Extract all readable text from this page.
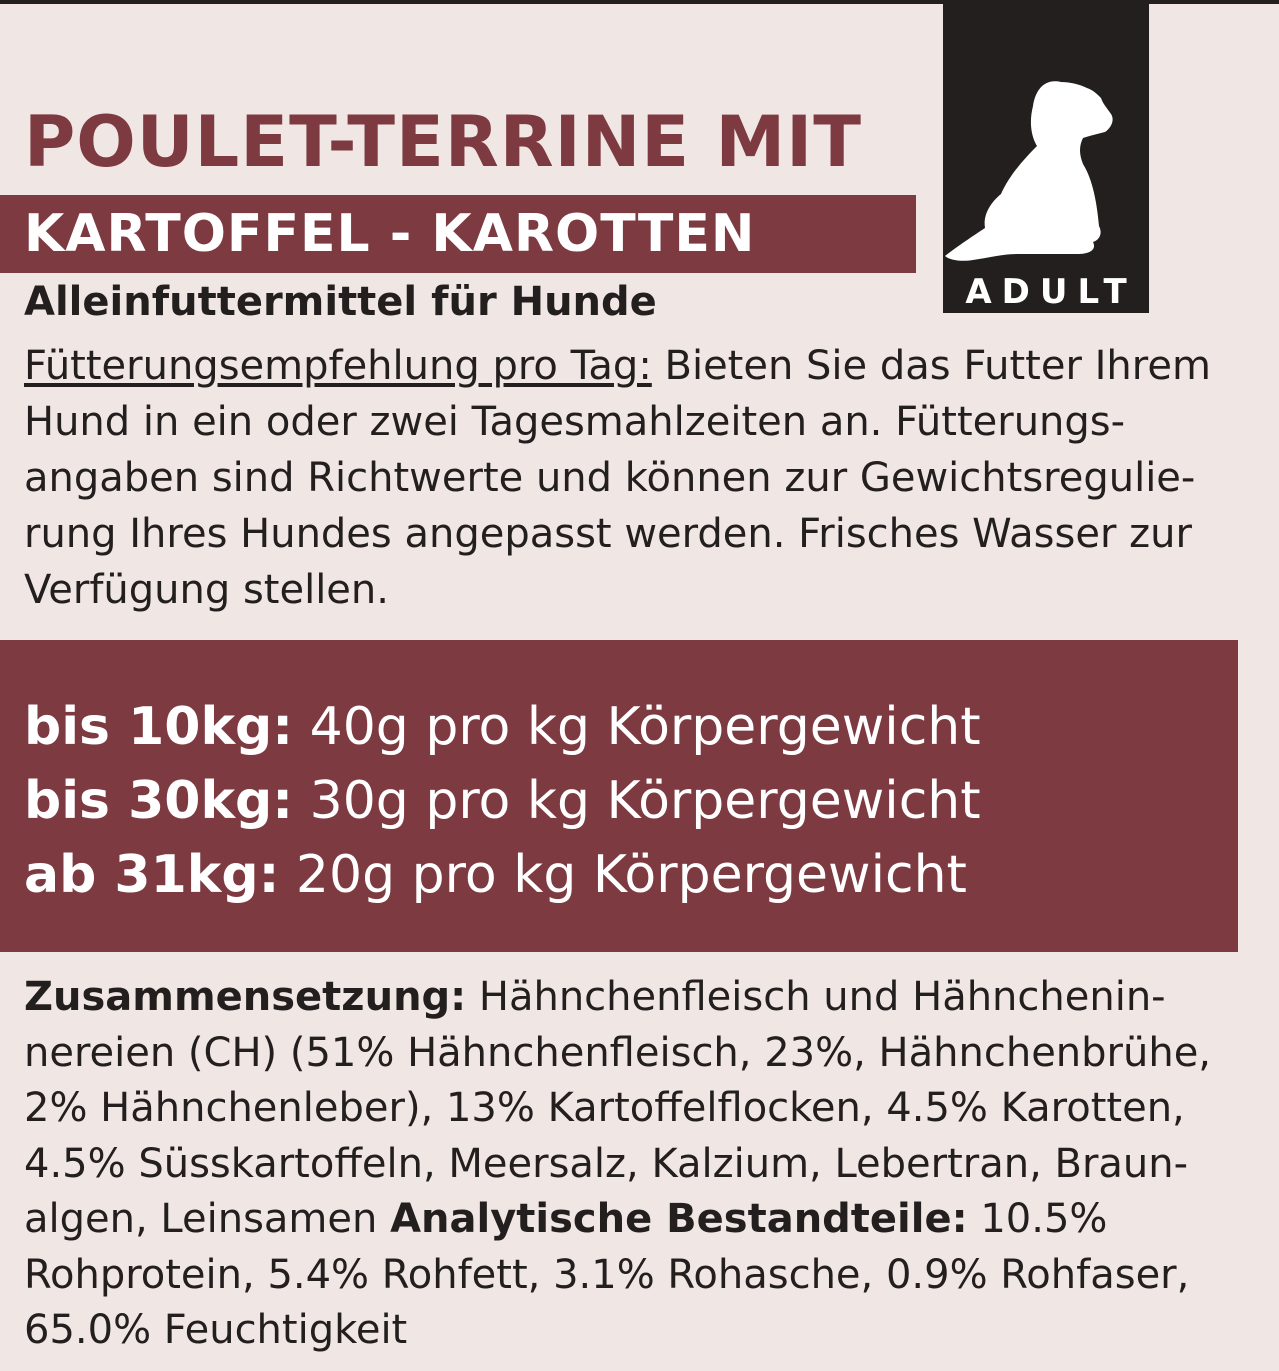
POULET-TERRINE MIT
KARTOFFEL - KAROTTEN
Alleinfuttermittel für Hunde	ADULT
Fütterungsempfehlung pro Tag: Bieten Sie das Futter Ihrem Hund in ein oder zwei Tagesmahlzeiten an. Fütterungs-angaben sind Richtwerte und können zur Gewichtsregulie-rung Ihres Hundes angepasst werden. Frisches Wasser zur Verfügung stellen.
bis 10kg: 40g pro kg Körpergewicht
bis 30kg: 30g pro kg Körpergewicht
ab 31kg: 20g pro kg Körpergewicht
Zusammensetzung: Hähnchenfleisch und Hähnchenin-nereien (CH) (51% Hähnchenfleisch, 23%, Hähnchenbrühe, 2% Hähnchenleber), 13% Kartoffelflocken, 4.5% Karotten, 4.5% Süsskartoffeln, Meersalz, Kalzium, Lebertran, Braun-algen, Leinsamen Analytische Bestandteile: 10.5% Rohprotein, 5.4% Rohfett, 3.1% Rohasche, 0.9% Rohfaser, 65.0% Feuchtigkeit
